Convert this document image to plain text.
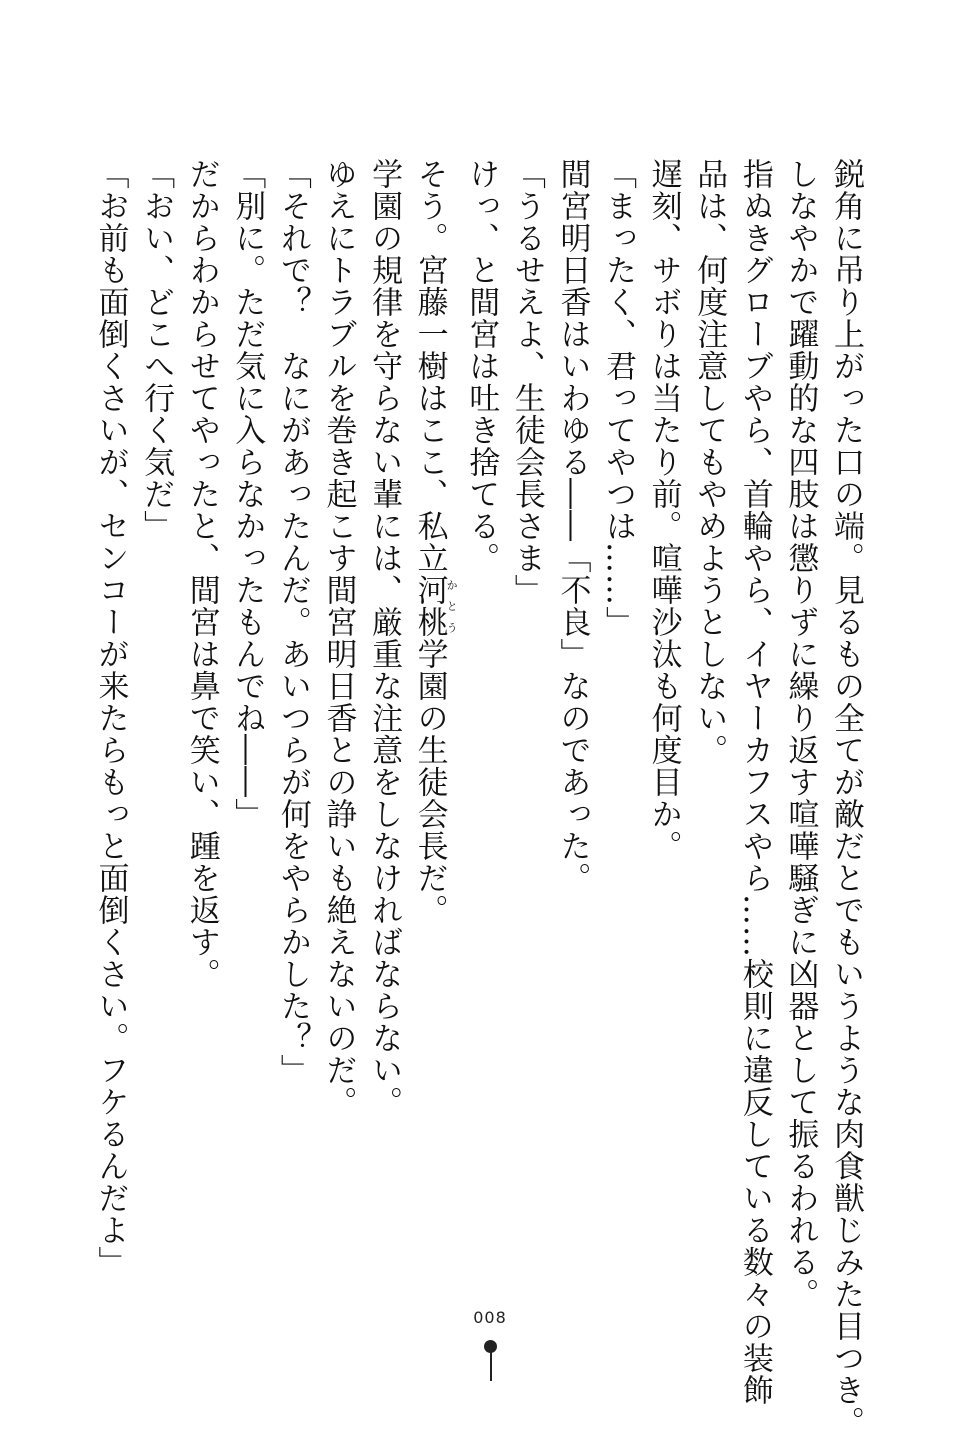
鋭角に吊り上がった口の端。見るもの全てが敵だとでもいうような肉食獣じみた目つき。

しなやかで躍動的な四肢は懲りずに繰り返す喧嘩騒ぎに凶器として振るわれる。

指ぬきグローブやら、首輪やら、イヤーカフスやら……校則に違反している数々の装飾

品は、何度注意してもやめようとしない。

遅刻、サボりは当たり前。喧嘩沙汰も何度目か。

「まったく、君ってやつは……」

間宮明日香はいわゆる――「不良」なのであった。

「うるせえよ、生徒会長さま」

けっ、と間宮は吐き捨てる。

そう。宮藤一樹はここ、私立河桃かとう学園の生徒会長だ。

学園の規律を守らない輩には、厳重な注意をしなければならない。

ゆえにトラブルを巻き起こす間宮明日香との諍いも絶えないのだ。

「それで？　なにがあったんだ。あいつらが何をやらかした？」

「別に。ただ気に入らなかったもんでね――」

だからわからせてやったと、間宮は鼻で笑い、踵を返す。

「おい、どこへ行く気だ」

「お前も面倒くさいが、センコーが来たらもっと面倒くさい。フケるんだよ」

008
